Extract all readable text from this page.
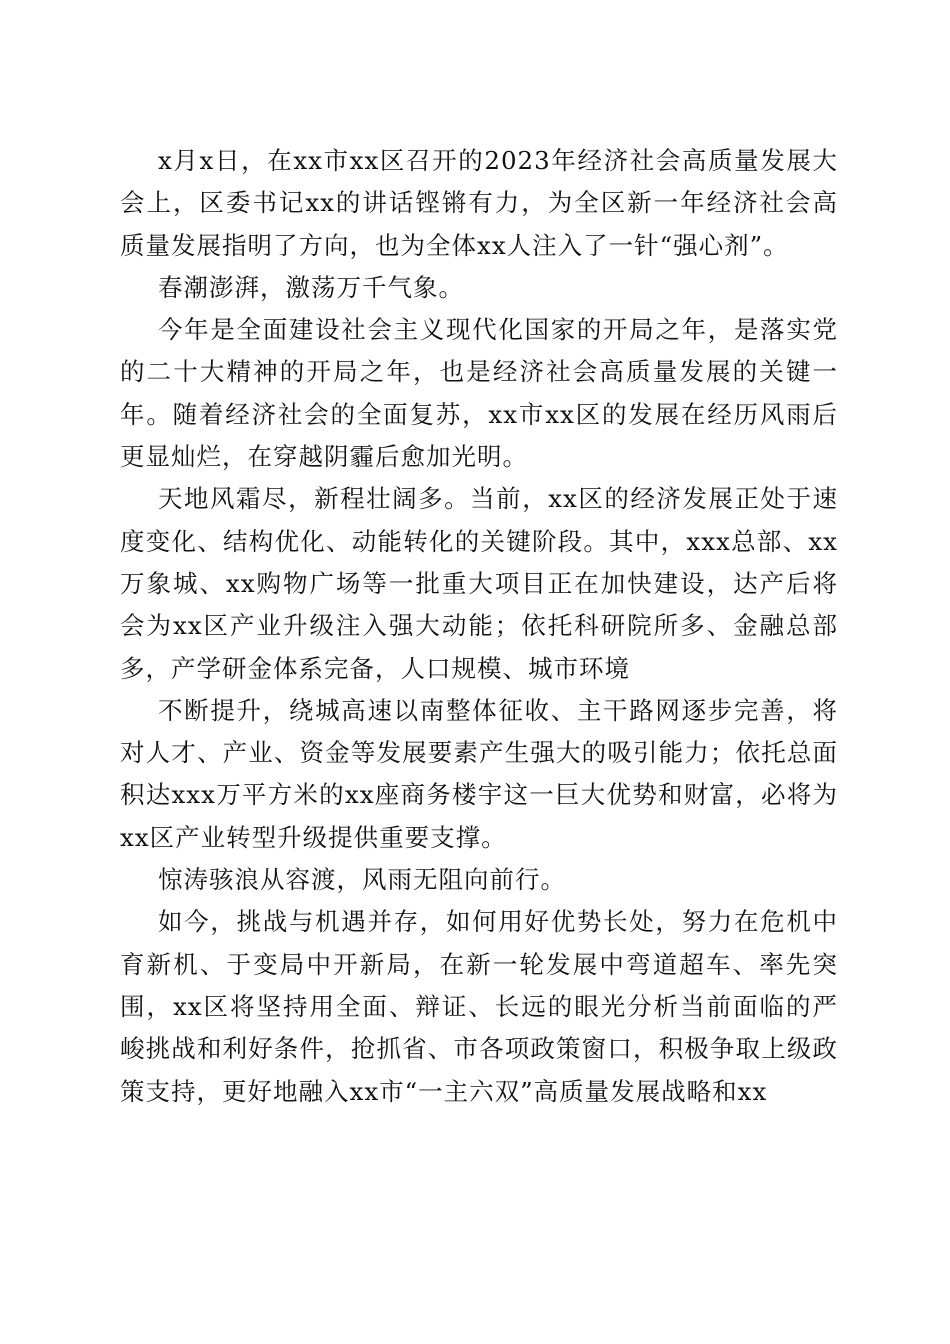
x月x日，在xx市xx区召开的2023年经济社会高质量发展大会上，区委书记xx的讲话铿锵有力，为全区新一年经济社会高质量发展指明了方向，也为全体xx人注入了一针“强心剂”。

春潮澎湃，激荡万千气象。

今年是全面建设社会主义现代化国家的开局之年，是落实党的二十大精神的开局之年，也是经济社会高质量发展的关键一年。随着经济社会的全面复苏，xx市xx区的发展在经历风雨后更显灿烂，在穿越阴霾后愈加光明。

天地风霜尽，新程壮阔多。当前，xx区的经济发展正处于速度变化、结构优化、动能转化的关键阶段。其中，xxx总部、xx万象城、xx购物广场等一批重大项目正在加快建设，达产后将会为xx区产业升级注入强大动能；依托科研院所多、金融总部多，产学研金体系完备，人口规模、城市环境

不断提升，绕城高速以南整体征收、主干路网逐步完善，将对人才、产业、资金等发展要素产生强大的吸引能力；依托总面积达xxx万平方米的xx座商务楼宇这一巨大优势和财富，必将为xx区产业转型升级提供重要支撑。

惊涛骇浪从容渡，风雨无阻向前行。

如今，挑战与机遇并存，如何用好优势长处，努力在危机中育新机、于变局中开新局，在新一轮发展中弯道超车、率先突围，xx区将坚持用全面、辩证、长远的眼光分析当前面临的严峻挑战和利好条件，抢抓省、市各项政策窗口，积极争取上级政策支持，更好地融入xx市“一主六双”高质量发展战略和xx
